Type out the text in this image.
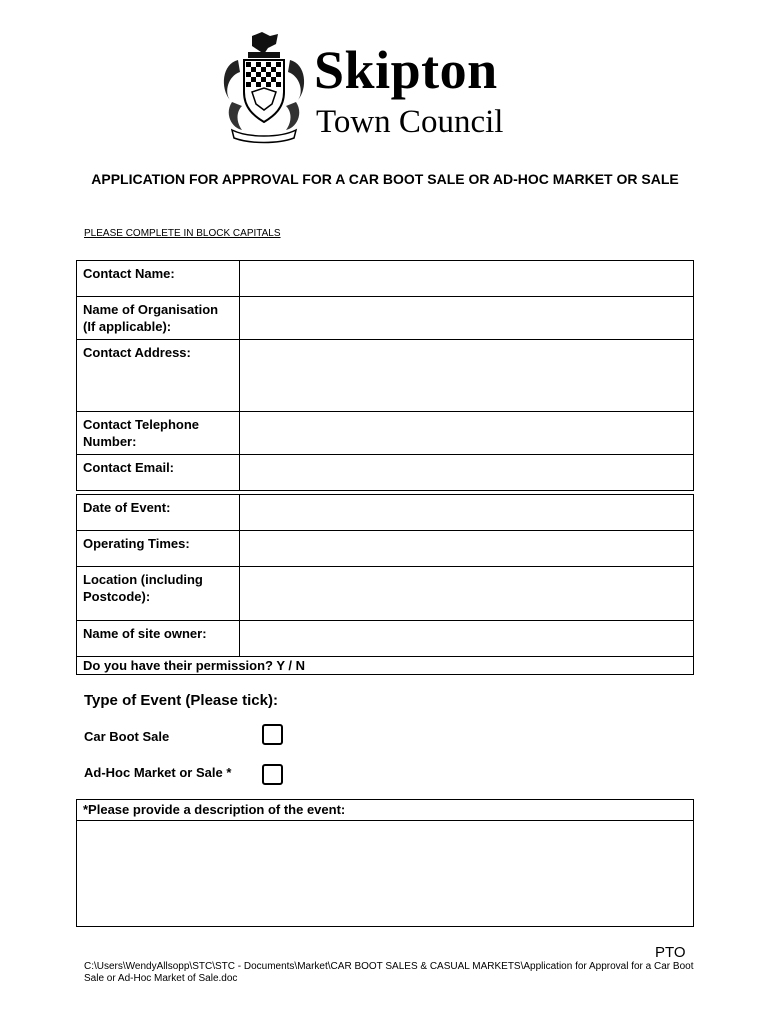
Skipton
Town Council
APPLICATION FOR APPROVAL FOR A CAR BOOT SALE OR AD-HOC MARKET OR SALE
PLEASE COMPLETE IN BLOCK CAPITALS
Contact Name:	
Name of Organisation (If applicable):	
Contact Address:	
Contact Telephone Number:	
Contact Email:	
Date of Event:	
Operating Times:	
Location (including Postcode):	
Name of site owner:	
Do you have their permission? Y / N	
Type of Event (Please tick):
Car Boot Sale
Ad-Hoc Market or Sale *
*Please provide a description of the event:
PTO
C:\Users\WendyAllsopp\STC\STC - Documents\Market\CAR BOOT SALES & CASUAL MARKETS\Application for Approval for a Car Boot Sale or Ad-Hoc Market of Sale.doc
